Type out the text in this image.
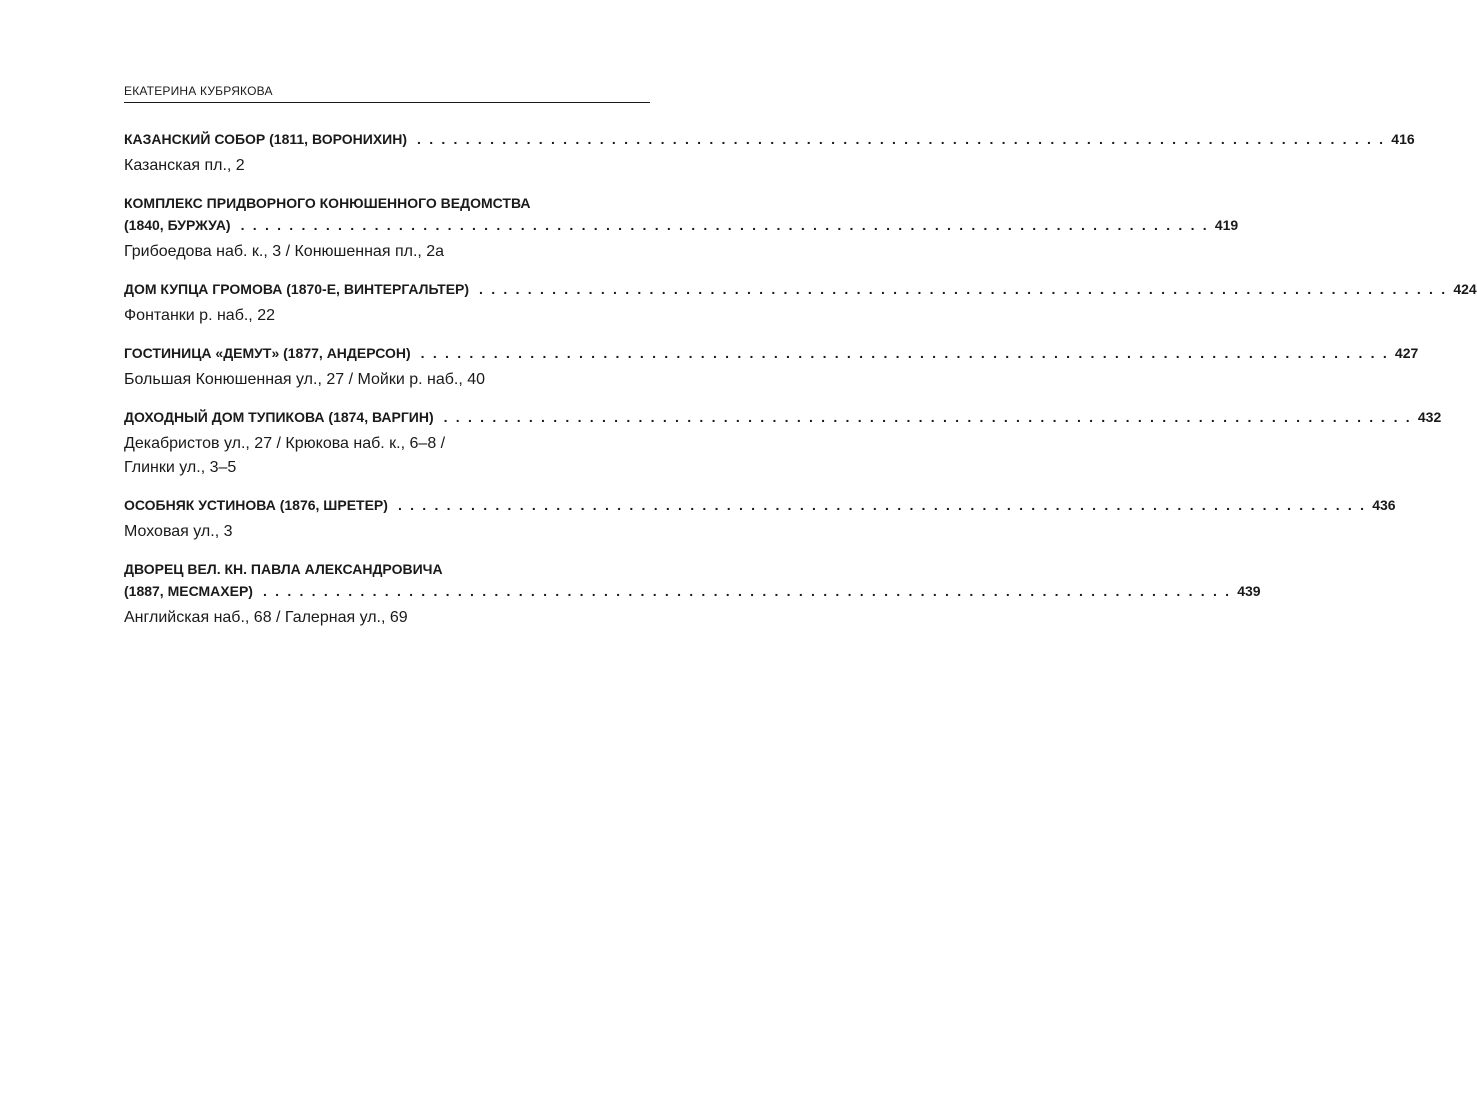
ЕКАТЕРИНА КУБРЯКОВА
КАЗАНСКИЙ СОБОР (1811, ВОРОНИХИН) . . . . . . . . . . . . . . . . . . . . . . . . . . . . . . . . . . . . . . . . . . . . . . . . . . . . . . . . . . . . . . . . . . . . . . . . . . . . . . . . 416
Казанская пл., 2
КОМПЛЕКС ПРИДВОРНОГО КОНЮШЕННОГО ВЕДОМСТВА
(1840, БУРЖУА) . . . . . . . . . . . . . . . . . . . . . . . . . . . . . . . . . . . . . . . . . . . . . . . . . . . . . . . . . . . . . . . . . . . . . . . . . . . . . . . . 419
Грибоедова наб. к., 3 / Конюшенная пл., 2а
ДОМ КУПЦА ГРОМОВА (1870-Е, ВИНТЕРГАЛЬТЕР) . . . . . . . . . . . . . . . . . . . . . . . . . . . . . . . . . . . . . . . . . . . . . . . . . . . . . . . . . . . . . . . . . . . . . . . . . . . . . . . . 424
Фонтанки р. наб., 22
ГОСТИНИЦА «ДЕМУТ» (1877, АНДЕРСОН) . . . . . . . . . . . . . . . . . . . . . . . . . . . . . . . . . . . . . . . . . . . . . . . . . . . . . . . . . . . . . . . . . . . . . . . . . . . . . . . . 427
Большая Конюшенная ул., 27 / Мойки р. наб., 40
ДОХОДНЫЙ ДОМ ТУПИКОВА (1874, ВАРГИН) . . . . . . . . . . . . . . . . . . . . . . . . . . . . . . . . . . . . . . . . . . . . . . . . . . . . . . . . . . . . . . . . . . . . . . . . . . . . . . . . 432
Декабристов ул., 27 / Крюкова наб. к., 6–8 /
Глинки ул., 3–5
ОСОБНЯК УСТИНОВА (1876, ШРЕТЕР) . . . . . . . . . . . . . . . . . . . . . . . . . . . . . . . . . . . . . . . . . . . . . . . . . . . . . . . . . . . . . . . . . . . . . . . . . . . . . . . . 436
Моховая ул., 3
ДВОРЕЦ ВЕЛ. КН. ПАВЛА АЛЕКСАНДРОВИЧА
(1887, МЕСМАХЕР) . . . . . . . . . . . . . . . . . . . . . . . . . . . . . . . . . . . . . . . . . . . . . . . . . . . . . . . . . . . . . . . . . . . . . . . . . . . . . . . . 439
Английская наб., 68 / Галерная ул., 69
